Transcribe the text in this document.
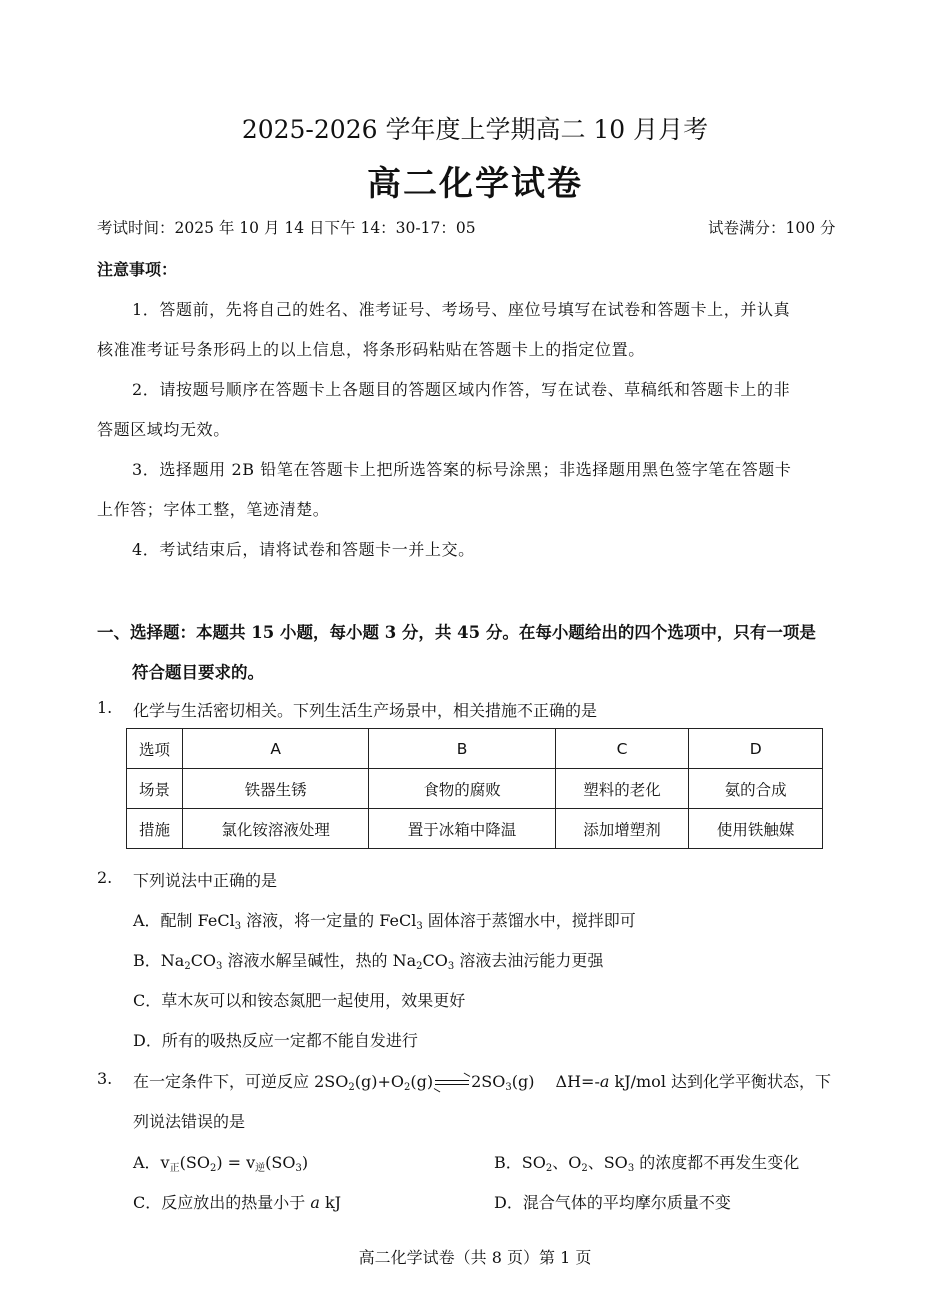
2025-2026 学年度上学期高二 10 月月考
高二化学试卷
考试时间：2025 年 10 月 14 日下午 14：30-17：05	试卷满分：100 分
注意事项：
1．答题前，先将自己的姓名、准考证号、考场号、座位号填写在试卷和答题卡上，并认真
核准准考证号条形码上的以上信息，将条形码粘贴在答题卡上的指定位置。
2．请按题号顺序在答题卡上各题目的答题区域内作答，写在试卷、草稿纸和答题卡上的非
答题区域均无效。
3．选择题用 2B 铅笔在答题卡上把所选答案的标号涂黑；非选择题用黑色签字笔在答题卡
上作答；字体工整，笔迹清楚。
4．考试结束后，请将试卷和答题卡一并上交。
一、选择题：本题共 15 小题，每小题 3 分，共 45 分。在每小题给出的四个选项中，只有一项是
符合题目要求的。
1. 化学与生活密切相关。下列生活生产场景中，相关措施不正确的是
选项	A	B	C	D
场景	铁器生锈	食物的腐败	塑料的老化	氨的合成
措施	氯化铵溶液处理	置于冰箱中降温	添加增塑剂	使用铁触媒
2. 下列说法中正确的是
A．配制 FeCl$_3$ 溶液，将一定量的 FeCl$_3$ 固体溶于蒸馏水中，搅拌即可
B．$Na_2CO_3$ 溶液水解呈碱性，热的 $Na_2CO_3$ 溶液去油污能力更强
C．草木灰可以和铵态氮肥一起使用，效果更好
D．所有的吸热反应一定都不能自发进行
3. 在一定条件下，可逆反应 $2SO_2(g)+O_2(g)$ $2SO_3(g)$　 ΔH=-a kJ/mol 达到化学平衡状态，下
列说法错误的是
A．$v_正(SO_2) = v_逆(SO_3)$	B．$SO_2$、$O_2$、$SO_3$ 的浓度都不再发生变化
C．反应放出的热量小于 a kJ	D．混合气体的平均摩尔质量不变
高二化学试卷（共 8 页）第 1 页
